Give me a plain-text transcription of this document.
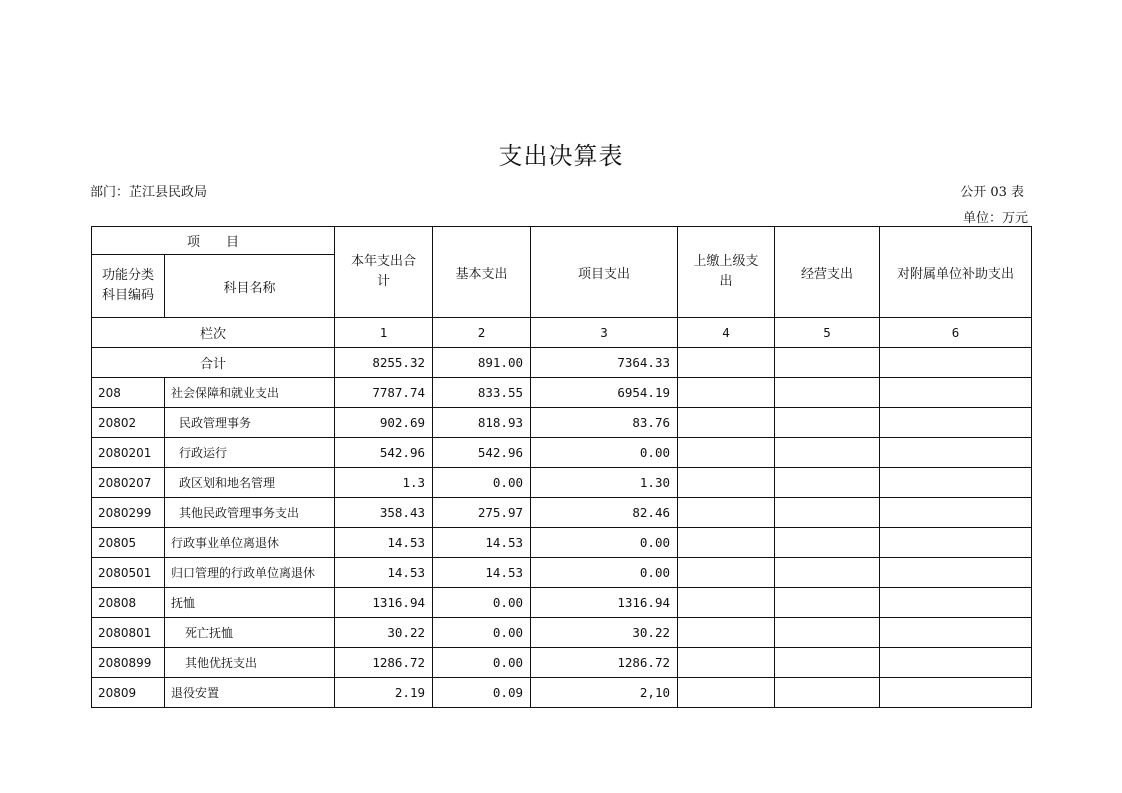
支出决算表
部门：芷江县民政局	公开 03 表
单位：万元
项　　目		本年支出合计	基本支出	项目支出	上缴上级支出	经营支出	对附属单位补助支出
功能分类科目编码	科目名称						
栏次		1	2	3	4	5	6
合计		8255.32	891.00	7364.33			
208	社会保障和就业支出	7787.74	833.55	6954.19			
20802	民政管理事务	902.69	818.93	83.76			
2080201	行政运行	542.96	542.96	0.00			
2080207	政区划和地名管理	1.3	0.00	1.30			
2080299	其他民政管理事务支出	358.43	275.97	82.46			
20805	行政事业单位离退休	14.53	14.53	0.00			
2080501	归口管理的行政单位离退休	14.53	14.53	0.00			
20808	抚恤	1316.94	0.00	1316.94			
2080801	死亡抚恤	30.22	0.00	30.22			
2080899	其他优抚支出	1286.72	0.00	1286.72			
20809	退役安置	2.19	0.09	2,10			
